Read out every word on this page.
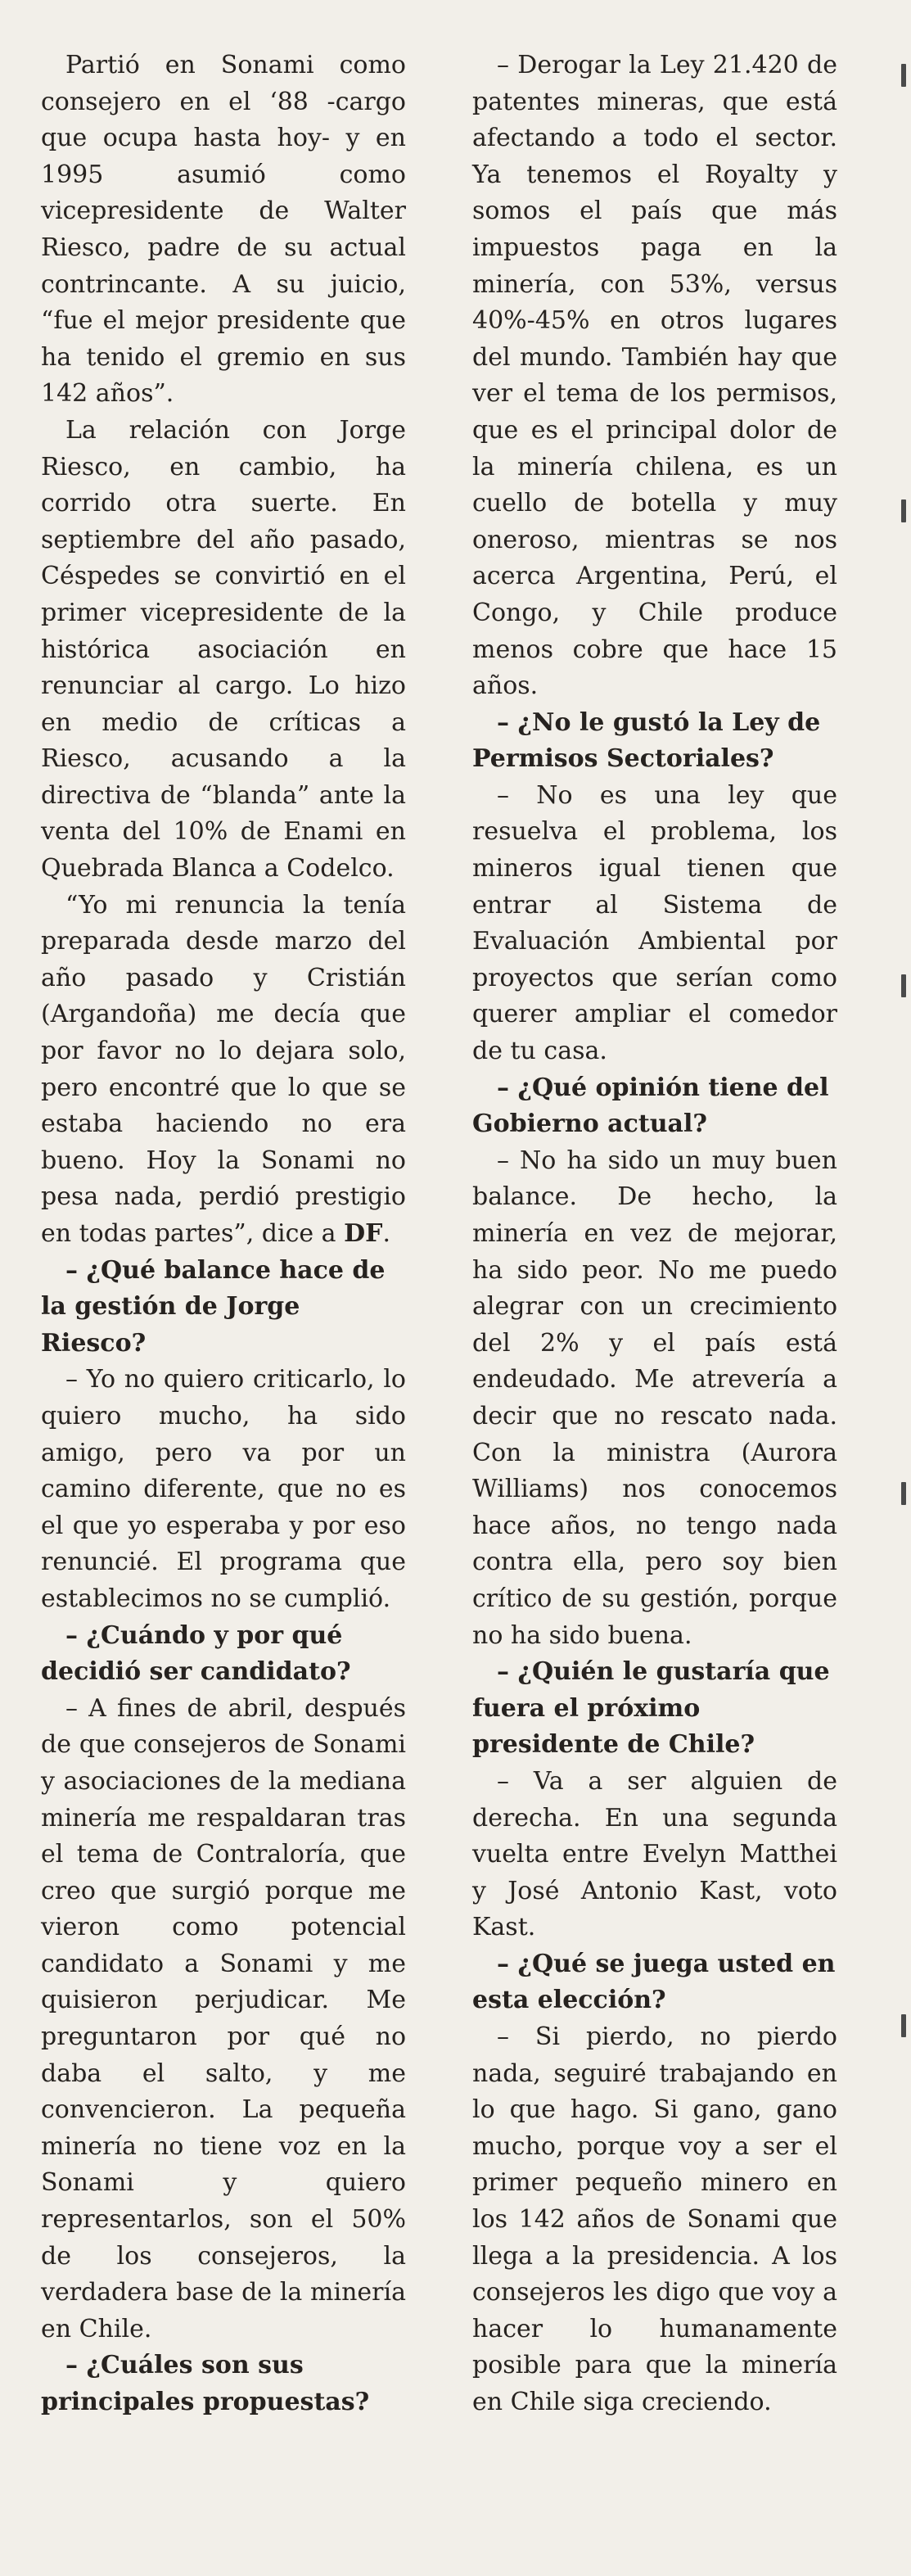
Partió en Sonami como consejero en el ‘88 -cargo que ocupa hasta hoy- y en 1995 asumió como vicepresidente de Walter Riesco, padre de su actual contrincante. A su juicio, “fue el mejor presidente que ha tenido el gremio en sus 142 años”.

La relación con Jorge Riesco, en cambio, ha corrido otra suerte. En septiembre del año pasado, Céspedes se convirtió en el primer vicepresidente de la histórica asociación en renunciar al cargo. Lo hizo en medio de críticas a Riesco, acusando a la directiva de “blanda” ante la venta del 10% de Enami en Quebrada Blanca a Codelco.

“Yo mi renuncia la tenía preparada desde marzo del año pasado y Cristián (Argandoña) me decía que por favor no lo dejara solo, pero encontré que lo que se estaba haciendo no era bueno. Hoy la Sonami no pesa nada, perdió prestigio en todas partes”, dice a DF.

– ¿Qué balance hace de la gestión de Jorge Riesco?

– Yo no quiero criticarlo, lo quiero mucho, ha sido amigo, pero va por un camino diferente, que no es el que yo esperaba y por eso renuncié. El programa que establecimos no se cumplió.

– ¿Cuándo y por qué decidió ser candidato?

– A fines de abril, después de que consejeros de Sonami y asociaciones de la mediana minería me respaldaran tras el tema de Contraloría, que creo que surgió porque me vieron como potencial candidato a Sonami y me quisieron perjudicar. Me preguntaron por qué no daba el salto, y me convencieron. La pequeña minería no tiene voz en la Sonami y quiero representarlos, son el 50% de los consejeros, la verdadera base de la minería en Chile.

– ¿Cuáles son sus principales propuestas?

– Derogar la Ley 21.420 de patentes mineras, que está afectando a todo el sector. Ya tenemos el Royalty y somos el país que más impuestos paga en la minería, con 53%, versus 40%-45% en otros lugares del mundo. También hay que ver el tema de los permisos, que es el principal dolor de la minería chilena, es un cuello de botella y muy oneroso, mientras se nos acerca Argentina, Perú, el Congo, y Chile produce menos cobre que hace 15 años.

– ¿No le gustó la Ley de Permisos Sectoriales?

– No es una ley que resuelva el problema, los mineros igual tienen que entrar al Sistema de Evaluación Ambiental por proyectos que serían como querer ampliar el comedor de tu casa.

– ¿Qué opinión tiene del Gobierno actual?

– No ha sido un muy buen balance. De hecho, la minería en vez de mejorar, ha sido peor. No me puedo alegrar con un crecimiento del 2% y el país está endeudado. Me atrevería a decir que no rescato nada. Con la ministra (Aurora Williams) nos conocemos hace años, no tengo nada contra ella, pero soy bien crítico de su gestión, porque no ha sido buena.

– ¿Quién le gustaría que fuera el próximo presidente de Chile?

– Va a ser alguien de derecha. En una segunda vuelta entre Evelyn Matthei y José Antonio Kast, voto Kast.

– ¿Qué se juega usted en esta elección?

– Si pierdo, no pierdo nada, seguiré trabajando en lo que hago. Si gano, gano mucho, porque voy a ser el primer pequeño minero en los 142 años de Sonami que llega a la presidencia. A los consejeros les digo que voy a hacer lo humanamente posible para que la minería en Chile siga creciendo.
